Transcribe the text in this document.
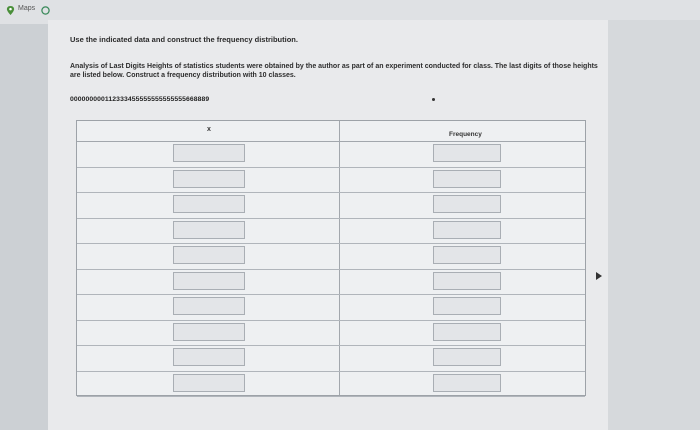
Maps
Use the indicated data and construct the frequency distribution.
Analysis of Last Digits Heights of statistics students were obtained by the author as part of an experiment conducted for class. The last digits of those heights are listed below. Construct a frequency distribution with 10 classes.
000000000112333455555555555555668889
x
Frequency
